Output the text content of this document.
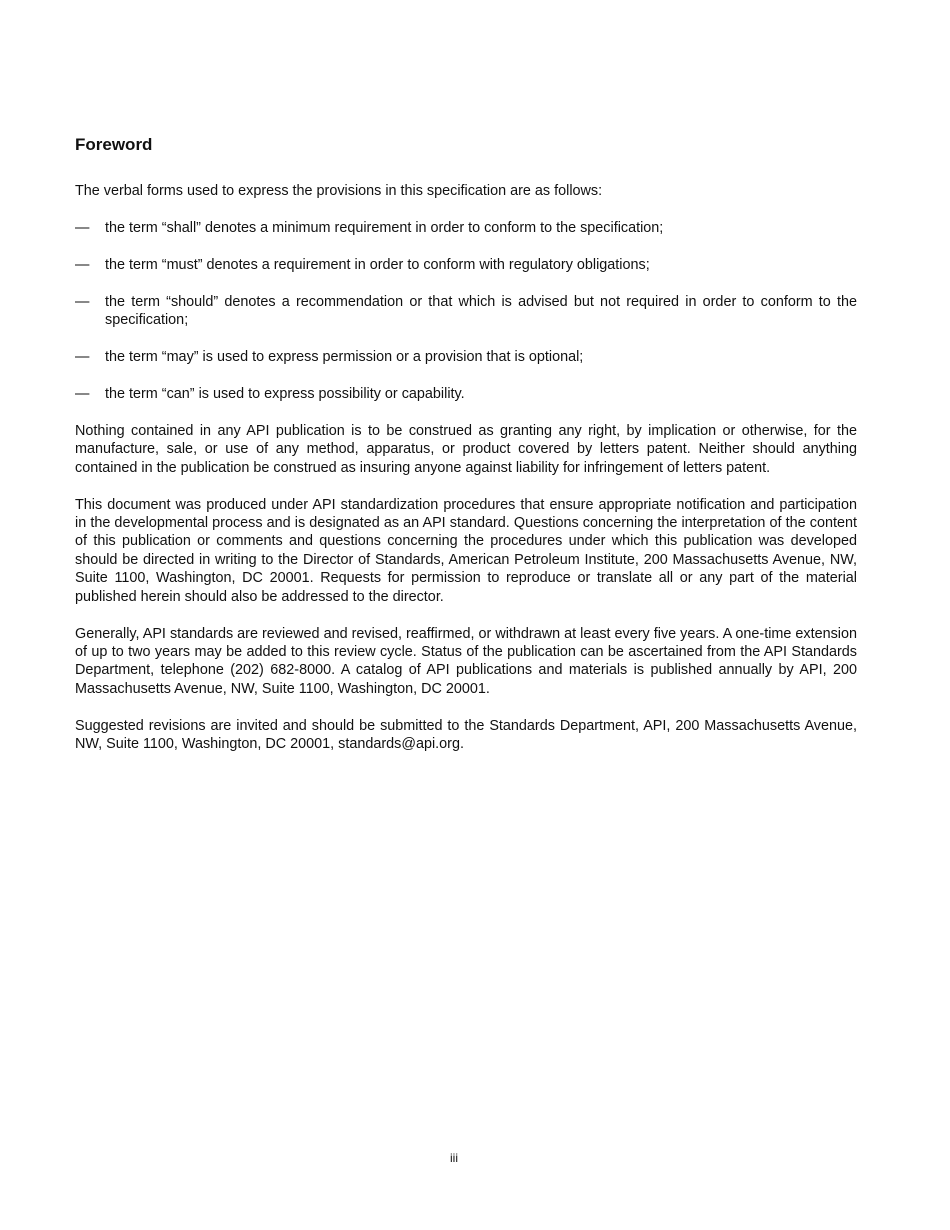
Foreword

The verbal forms used to express the provisions in this specification are as follows:

— the term “shall” denotes a minimum requirement in order to conform to the specification;
— the term “must” denotes a requirement in order to conform with regulatory obligations;
— the term “should” denotes a recommendation or that which is advised but not required in order to conform to the specification;
— the term “may” is used to express permission or a provision that is optional;
— the term “can” is used to express possibility or capability.

Nothing contained in any API publication is to be construed as granting any right, by implication or otherwise, for the manufacture, sale, or use of any method, apparatus, or product covered by letters patent. Neither should anything contained in the publication be construed as insuring anyone against liability for infringement of letters patent.

This document was produced under API standardization procedures that ensure appropriate notification and participation in the developmental process and is designated as an API standard. Questions concerning the interpretation of the content of this publication or comments and questions concerning the procedures under which this publication was developed should be directed in writing to the Director of Standards, American Petroleum Institute, 200 Massachusetts Avenue, NW, Suite 1100, Washington, DC 20001. Requests for permission to reproduce or translate all or any part of the material published herein should also be addressed to the director.

Generally, API standards are reviewed and revised, reaffirmed, or withdrawn at least every five years. A one-time extension of up to two years may be added to this review cycle. Status of the publication can be ascertained from the API Standards Department, telephone (202) 682-8000. A catalog of API publications and materials is published annually by API, 200 Massachusetts Avenue, NW, Suite 1100, Washington, DC 20001.

Suggested revisions are invited and should be submitted to the Standards Department, API, 200 Massachusetts Avenue, NW, Suite 1100, Washington, DC 20001, standards@api.org.

iii
